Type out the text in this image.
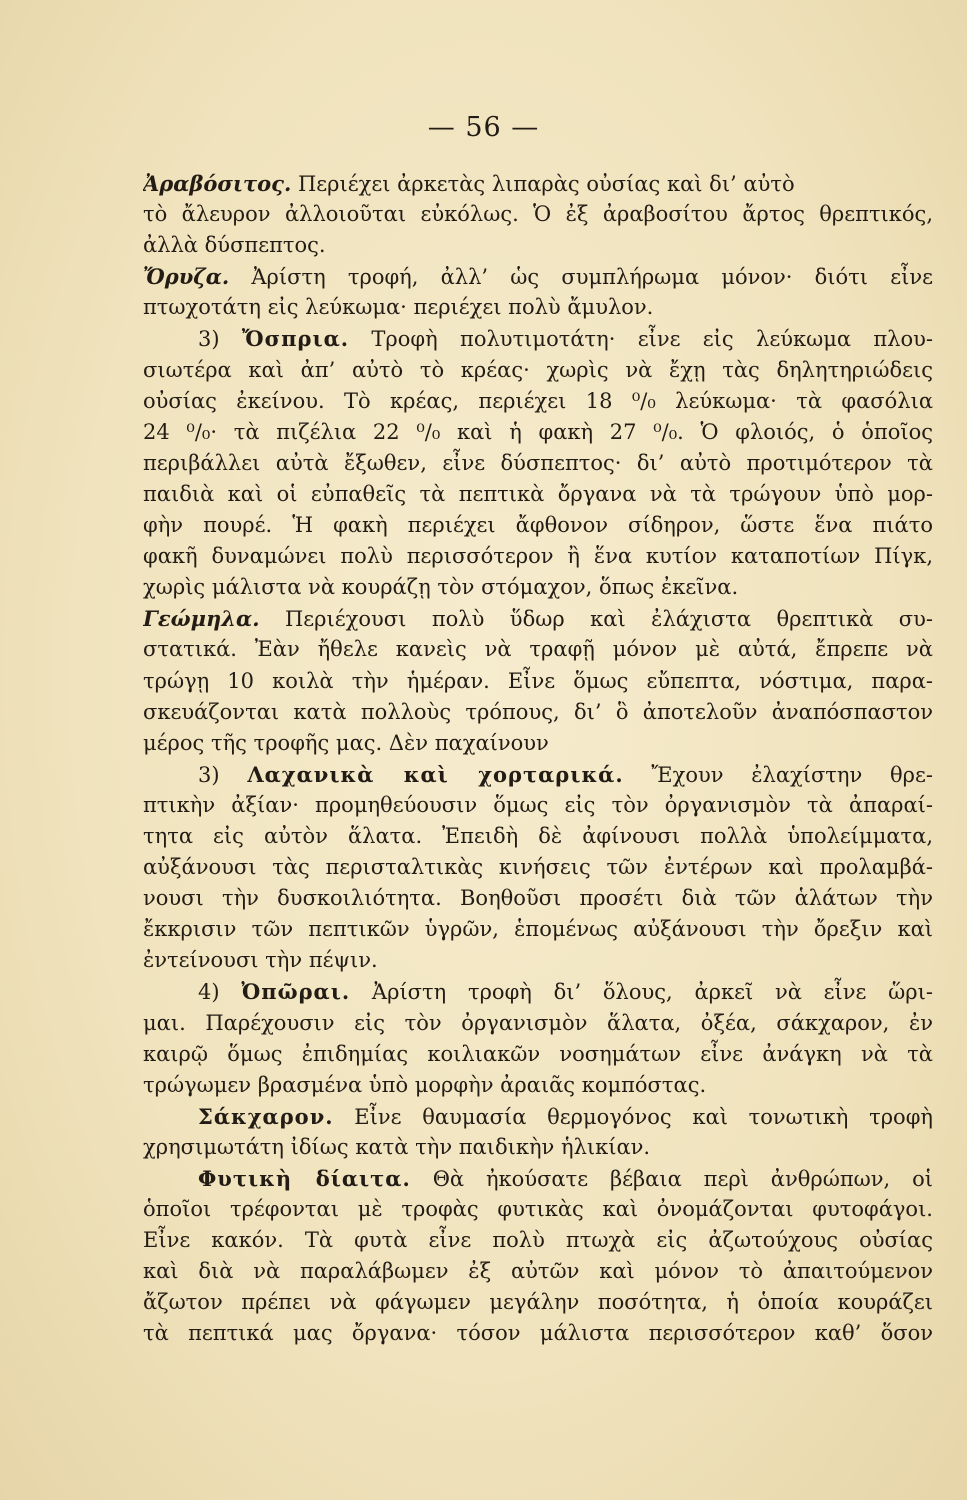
— 56 —
Ἀραβόσιτος. Περιέχει ἀρκετὰς λιπαρὰς οὐσίας καὶ δι’ αὐτὸ
τὸ ἄλευρον ἀλλοιοῦται εὐκόλως. Ὁ ἐξ ἀραβοσίτου ἄρτος θρεπτικός,
ἀλλὰ δύσπεπτος.
Ὄρυζα. Ἀρίστη τροφή, ἀλλ’ ὡς συμπλήρωμα μόνον· διότι εἶνε
πτωχοτάτη εἰς λεύκωμα· περιέχει πολὺ ἄμυλον.
3) Ὄσπρια. Τροφὴ πολυτιμοτάτη· εἶνε εἰς λεύκωμα πλου-
σιωτέρα καὶ ἀπ’ αὐτὸ τὸ κρέας· χωρὶς νὰ ἔχῃ τὰς δηλητηριώδεις
οὐσίας ἐκείνου. Τὸ κρέας, περιέχει 18 ⁰/₀ λεύκωμα· τὰ φασόλια
24 ⁰/₀· τὰ πιζέλια 22 ⁰/₀ καὶ ἡ φακὴ 27 ⁰/₀. Ὁ φλοιός, ὁ ὁποῖος
περιβάλλει αὐτὰ ἔξωθεν, εἶνε δύσπεπτος· δι’ αὐτὸ προτιμότερον τὰ
παιδιὰ καὶ οἱ εὐπαθεῖς τὰ πεπτικὰ ὄργανα νὰ τὰ τρώγουν ὑπὸ μορ-
φὴν πουρέ. Ἡ φακὴ περιέχει ἄφθονον σίδηρον, ὥστε ἕνα πιάτο
φακῆ δυναμώνει πολὺ περισσότερον ἢ ἕνα κυτίον καταποτίων Πίγκ,
χωρὶς μάλιστα νὰ κουράζῃ τὸν στόμαχον, ὅπως ἐκεῖνα.
Γεώμηλα. Περιέχουσι πολὺ ὕδωρ καὶ ἐλάχιστα θρεπτικὰ συ-
στατικά. Ἐὰν ἤθελε κανεὶς νὰ τραφῇ μόνον μὲ αὐτά, ἔπρεπε νὰ
τρώγῃ 10 κοιλὰ τὴν ἡμέραν. Εἶνε ὅμως εὔπεπτα, νόστιμα, παρα-
σκευάζονται κατὰ πολλοὺς τρόπους, δι’ ὃ ἀποτελοῦν ἀναπόσπαστον
μέρος τῆς τροφῆς μας. Δὲν παχαίνουν
3) Λαχανικὰ καὶ χορταρικά. Ἔχουν ἐλαχίστην θρε-
πτικὴν ἀξίαν· προμηθεύουσιν ὅμως εἰς τὸν ὀργανισμὸν τὰ ἀπαραί-
τητα εἰς αὐτὸν ἅλατα. Ἐπειδὴ δὲ ἀφίνουσι πολλὰ ὑπολείμματα,
αὐξάνουσι τὰς περισταλτικὰς κινήσεις τῶν ἐντέρων καὶ προλαμβά-
νουσι τὴν δυσκοιλιότητα. Βοηθοῦσι προσέτι διὰ τῶν ἁλάτων τὴν
ἔκκρισιν τῶν πεπτικῶν ὑγρῶν, ἑπομένως αὐξάνουσι τὴν ὄρεξιν καὶ
ἐντείνουσι τὴν πέψιν.
4) Ὀπῶραι. Ἀρίστη τροφὴ δι’ ὅλους, ἀρκεῖ νὰ εἶνε ὥρι-
μαι. Παρέχουσιν εἰς τὸν ὀργανισμὸν ἅλατα, ὀξέα, σάκχαρον, ἐν
καιρῷ ὅμως ἐπιδημίας κοιλιακῶν νοσημάτων εἶνε ἀνάγκη νὰ τὰ
τρώγωμεν βρασμένα ὑπὸ μορφὴν ἀραιᾶς κομπόστας.
Σάκχαρον. Εἶνε θαυμασία θερμογόνος καὶ τονωτικὴ τροφὴ
χρησιμωτάτη ἰδίως κατὰ τὴν παιδικὴν ἡλικίαν.
Φυτικὴ δίαιτα. Θὰ ἠκούσατε βέβαια περὶ ἀνθρώπων, οἱ
ὁποῖοι τρέφονται μὲ τροφὰς φυτικὰς καὶ ὀνομάζονται φυτοφάγοι.
Εἶνε κακόν. Τὰ φυτὰ εἶνε πολὺ πτωχὰ εἰς ἀζωτούχους οὐσίας
καὶ διὰ νὰ παραλάβωμεν ἐξ αὐτῶν καὶ μόνον τὸ ἀπαιτούμενον
ἄζωτον πρέπει νὰ φάγωμεν μεγάλην ποσότητα, ἡ ὁποία κουράζει
τὰ πεπτικά μας ὄργανα· τόσον μάλιστα περισσότερον καθ’ ὅσον
